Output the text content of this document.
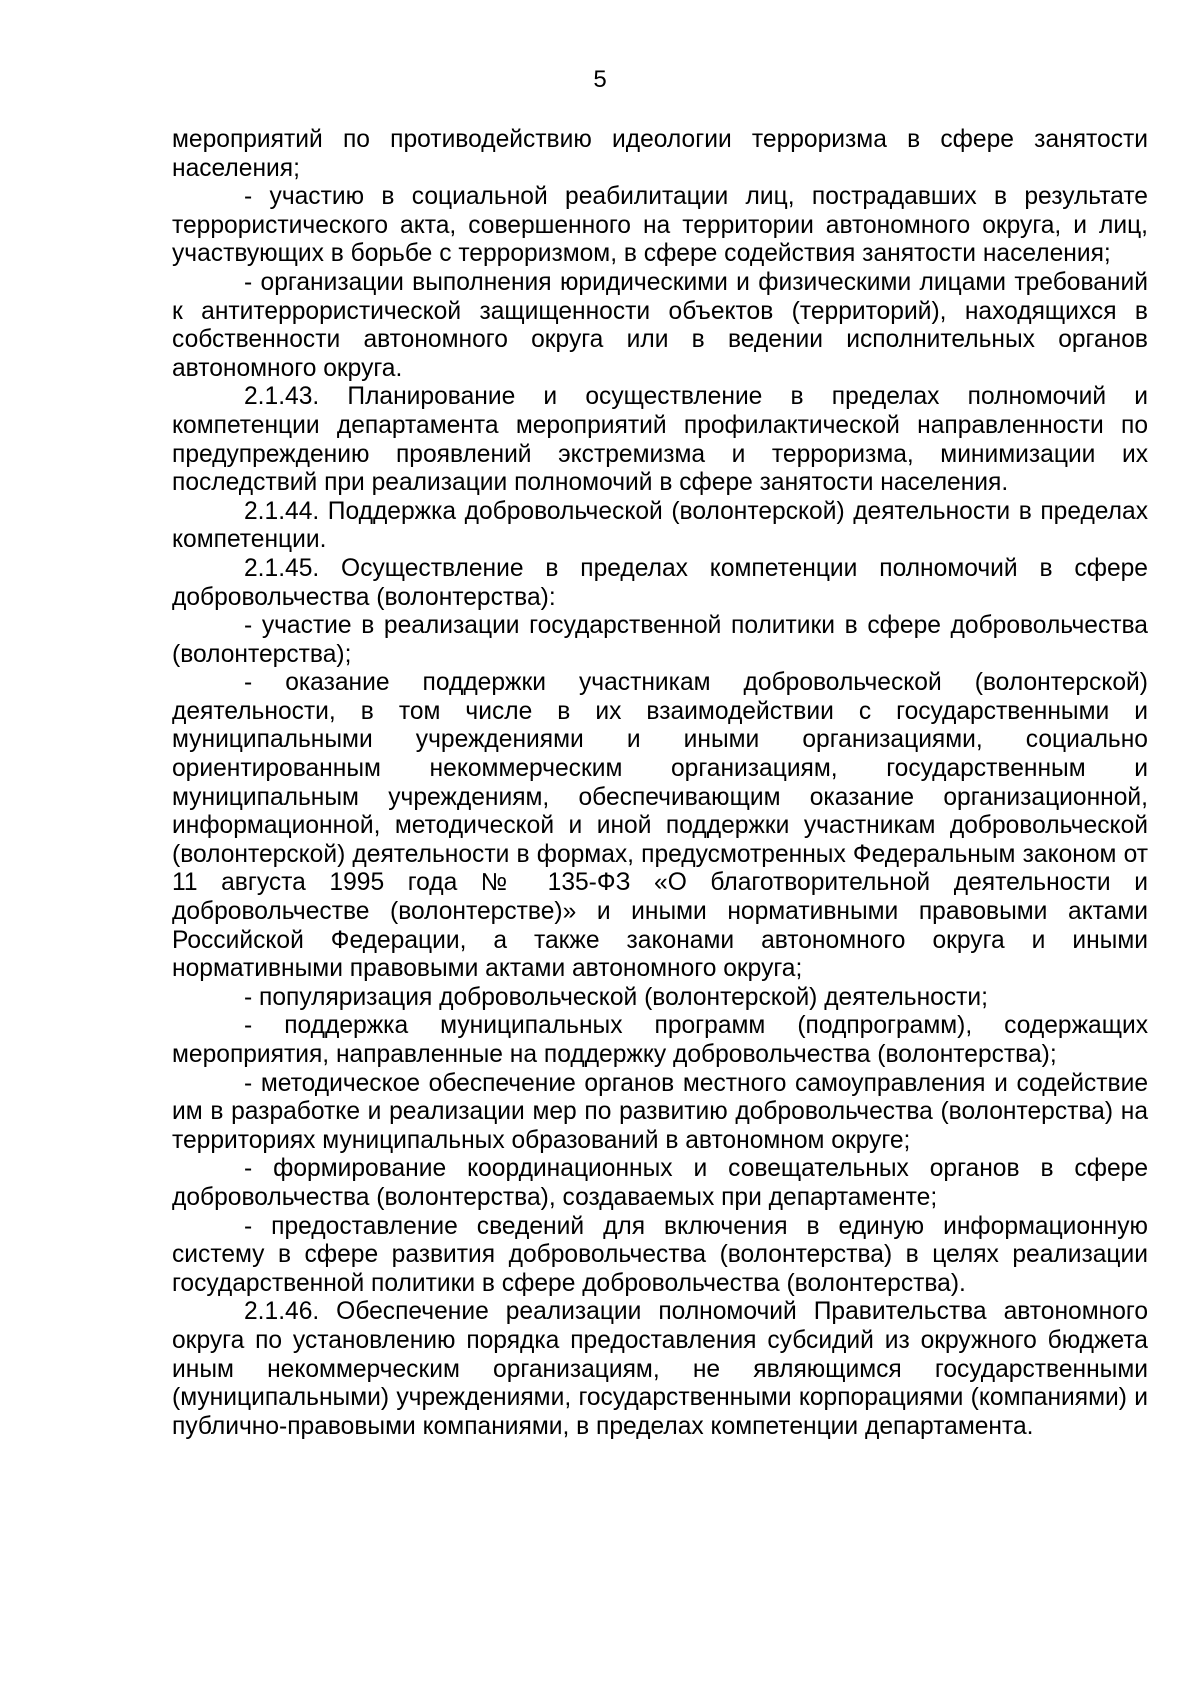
5

мероприятий по противодействию идеологии терроризма в сфере занятости населения;

- участию в социальной реабилитации лиц, пострадавших в результате террористического акта, совершенного на территории автономного округа, и лиц, участвующих в борьбе с терроризмом, в сфере содействия занятости населения;

- организации выполнения юридическими и физическими лицами требований к антитеррористической защищенности объектов (территорий), находящихся в собственности автономного округа или в ведении исполнительных органов автономного округа.

2.1.43. Планирование и осуществление в пределах полномочий и компетенции департамента мероприятий профилактической направленности по предупреждению проявлений экстремизма и терроризма, минимизации их последствий при реализации полномочий в сфере занятости населения.

2.1.44. Поддержка добровольческой (волонтерской) деятельности в пределах компетенции.

2.1.45. Осуществление в пределах компетенции полномочий в сфере добровольчества (волонтерства):

- участие в реализации государственной политики в сфере добровольчества (волонтерства);

- оказание поддержки участникам добровольческой (волонтерской) деятельности, в том числе в их взаимодействии с государственными и муниципальными учреждениями и иными организациями, социально ориентированным некоммерческим организациям, государственным и муниципальным учреждениям, обеспечивающим оказание организационной, информационной, методической и иной поддержки участникам добровольческой (волонтерской) деятельности в формах, предусмотренных Федеральным законом от 11 августа 1995 года № 135-ФЗ «О благотворительной деятельности и добровольчестве (волонтерстве)» и иными нормативными правовыми актами Российской Федерации, а также законами автономного округа и иными нормативными правовыми актами автономного округа;

- популяризация добровольческой (волонтерской) деятельности;

- поддержка муниципальных программ (подпрограмм), содержащих мероприятия, направленные на поддержку добровольчества (волонтерства);

- методическое обеспечение органов местного самоуправления и содействие им в разработке и реализации мер по развитию добровольчества (волонтерства) на территориях муниципальных образований в автономном округе;

- формирование координационных и совещательных органов в сфере добровольчества (волонтерства), создаваемых при департаменте;

- предоставление сведений для включения в единую информационную систему в сфере развития добровольчества (волонтерства) в целях реализации государственной политики в сфере добровольчества (волонтерства).

2.1.46. Обеспечение реализации полномочий Правительства автономного округа по установлению порядка предоставления субсидий из окружного бюджета иным некоммерческим организациям, не являющимся государственными (муниципальными) учреждениями, государственными корпорациями (компаниями) и публично-правовыми компаниями, в пределах компетенции департамента.
